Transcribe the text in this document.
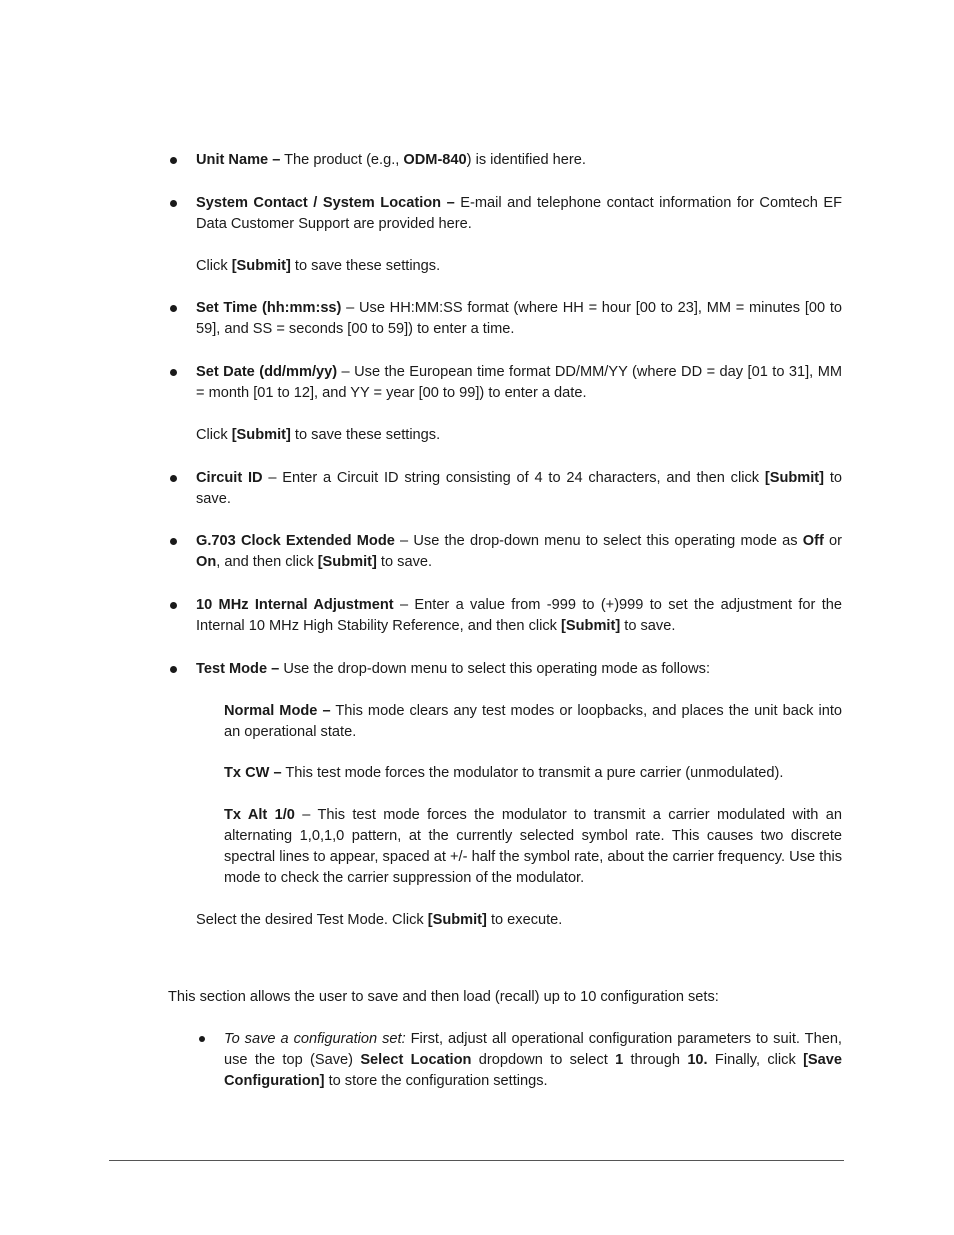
Unit Name – The product (e.g., ODM-840) is identified here.

System Contact / System Location – E-mail and telephone contact information for Comtech EF Data Customer Support are provided here.

Click [Submit] to save these settings.

Set Time (hh:mm:ss) – Use HH:MM:SS format (where HH = hour [00 to 23], MM = minutes [00 to 59], and SS = seconds [00 to 59]) to enter a time.

Set Date (dd/mm/yy) – Use the European time format DD/MM/YY (where DD = day [01 to 31], MM = month [01 to 12], and YY = year [00 to 99]) to enter a date.

Click [Submit] to save these settings.

Circuit ID – Enter a Circuit ID string consisting of 4 to 24 characters, and then click [Submit] to save.

G.703 Clock Extended Mode – Use the drop-down menu to select this operating mode as Off or On, and then click [Submit] to save.

10 MHz Internal Adjustment – Enter a value from -999 to (+)999 to set the adjustment for the Internal 10 MHz High Stability Reference, and then click [Submit] to save.

Test Mode – Use the drop-down menu to select this operating mode as follows:

Normal Mode – This mode clears any test modes or loopbacks, and places the unit back into an operational state.

Tx CW – This test mode forces the modulator to transmit a pure carrier (unmodulated).

Tx Alt 1/0 – This test mode forces the modulator to transmit a carrier modulated with an alternating 1,0,1,0 pattern, at the currently selected symbol rate. This causes two discrete spectral lines to appear, spaced at +/- half the symbol rate, about the carrier frequency. Use this mode to check the carrier suppression of the modulator.

Select the desired Test Mode. Click [Submit] to execute.

This section allows the user to save and then load (recall) up to 10 configuration sets:

To save a configuration set: First, adjust all operational configuration parameters to suit. Then, use the top (Save) Select Location dropdown to select 1 through 10. Finally, click [Save Configuration] to store the configuration settings.
